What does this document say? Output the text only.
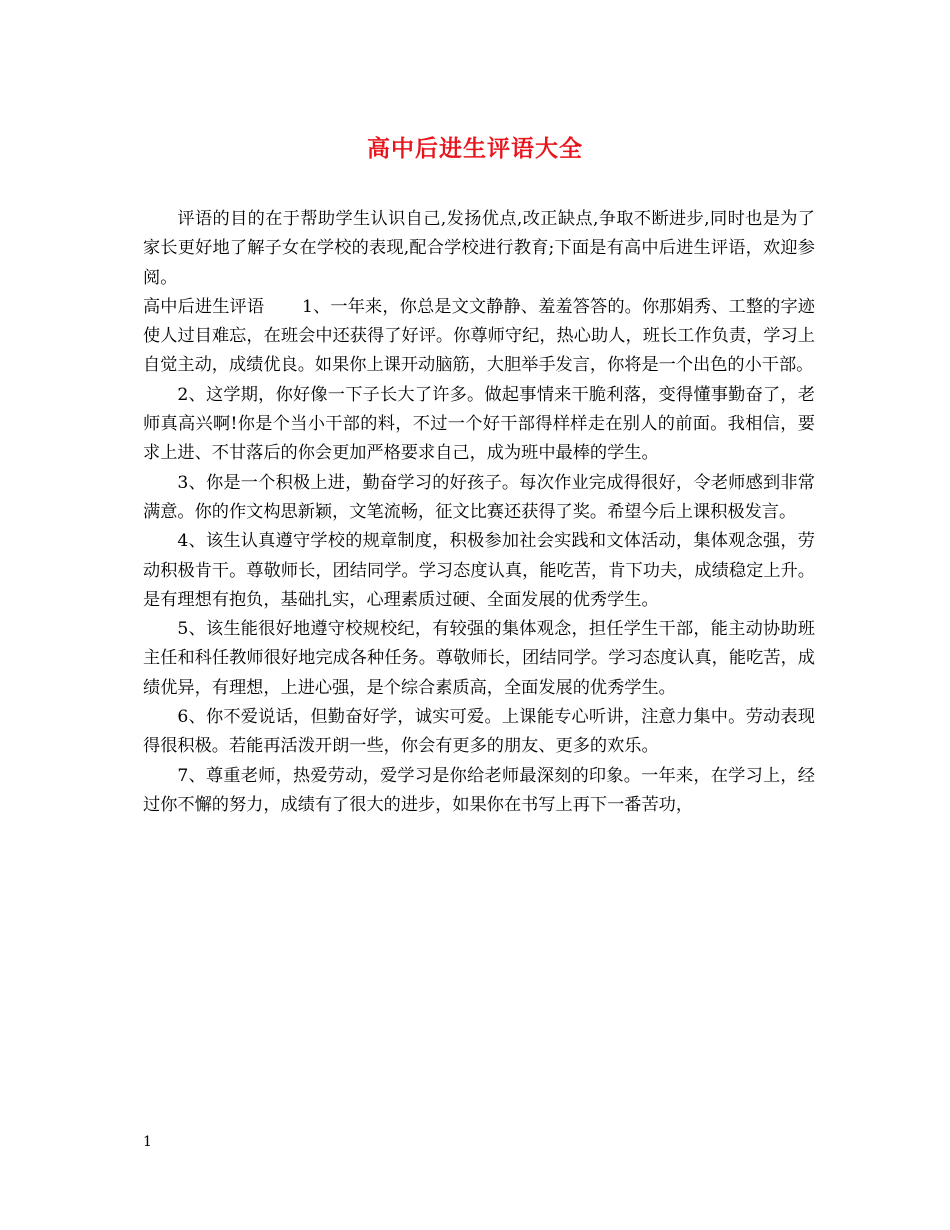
高中后进生评语大全

评语的目的在于帮助学生认识自己,发扬优点,改正缺点,争取不断进步,同时也是为了家长更好地了解子女在学校的表现,配合学校进行教育;下面是有高中后进生评语，欢迎参阅。

高中后进生评语 1、一年来，你总是文文静静、羞羞答答的。你那娟秀、工整的字迹使人过目难忘，在班会中还获得了好评。你尊师守纪，热心助人，班长工作负责，学习上自觉主动，成绩优良。如果你上课开动脑筋，大胆举手发言，你将是一个出色的小干部。

2、这学期，你好像一下子长大了许多。做起事情来干脆利落，变得懂事勤奋了，老师真高兴啊!你是个当小干部的料，不过一个好干部得样样走在别人的前面。我相信，要求上进、不甘落后的你会更加严格要求自己，成为班中最棒的学生。

3、你是一个积极上进，勤奋学习的好孩子。每次作业完成得很好，令老师感到非常满意。你的作文构思新颖，文笔流畅，征文比赛还获得了奖。希望今后上课积极发言。

4、该生认真遵守学校的规章制度，积极参加社会实践和文体活动，集体观念强，劳动积极肯干。尊敬师长，团结同学。学习态度认真，能吃苦，肯下功夫，成绩稳定上升。是有理想有抱负，基础扎实，心理素质过硬、全面发展的优秀学生。

5、该生能很好地遵守校规校纪，有较强的集体观念，担任学生干部，能主动协助班主任和科任教师很好地完成各种任务。尊敬师长，团结同学。学习态度认真，能吃苦，成绩优异，有理想，上进心强，是个综合素质高，全面发展的优秀学生。

6、你不爱说话，但勤奋好学，诚实可爱。上课能专心听讲，注意力集中。劳动表现得很积极。若能再活泼开朗一些，你会有更多的朋友、更多的欢乐。

7、尊重老师，热爱劳动，爱学习是你给老师最深刻的印象。一年来，在学习上，经过你不懈的努力，成绩有了很大的进步，如果你在书写上再下一番苦功，

1
